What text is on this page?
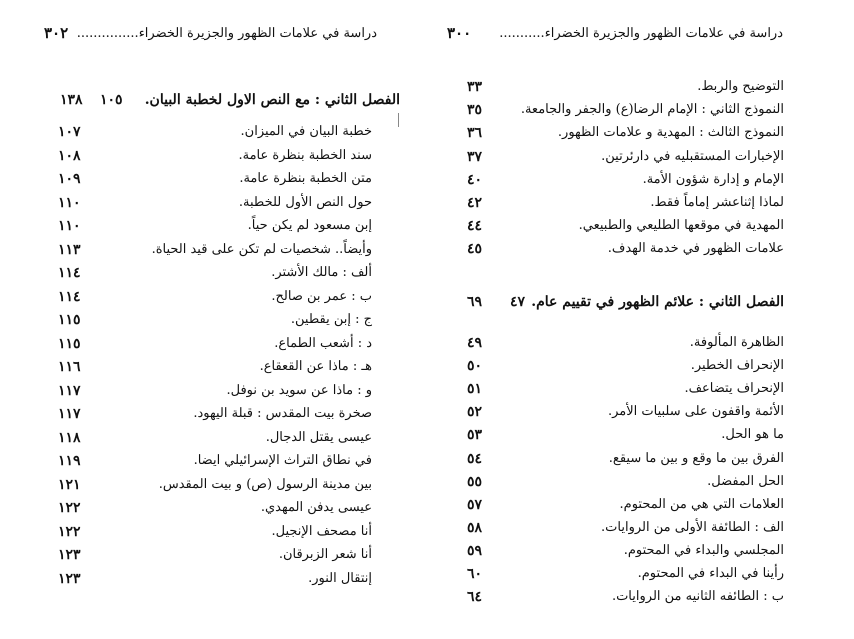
٣٠٢ دراسة في علامات الظهور والجزيرة الخضراء...............
الفصل الثاني : مع النص الاول لخطبة البيان.
١٠٥
١٣٨
خطبة البيان في الميزان.
١٠٧
سند الخطبة بنظرة عامة.
١٠٨
متن الخطبة بنظرة عامة.
١٠٩
حول النص الأول للخطبة.
١١٠
إبن مسعود لم يكن حياً.
١١٠
وأيضاً.. شخصيات لم تكن على قيد الحياة.
١١٣
ألف : مالك الأشتر.
١١٤
ب : عمر بن صالح.
١١٤
ج : إبن يقطين.
١١٥
د : أشعب الطماع.
١١٥
هـ : ماذا عن القعقاع.
١١٦
و : ماذا عن سويد بن نوفل.
١١٧
صخرة بيت المقدس : قبلة اليهود.
١١٧
عيسى يقتل الدجال.
١١٨
في نطاق التراث الإسرائيلي ايضا.
١١٩
بين مدينة الرسول (ص) و بيت المقدس.
١٢١
عيسى يدفن المهدي.
١٢٢
أنا مصحف الإنجيل.
١٢٢
أنا شعر الزبرقان.
١٢٣
إنتقال النور.
١٢٣
٣٠٠ دراسة في علامات الظهور والجزيرة الخضراء...........
التوضيح والربط.
٣٣
النموذج الثاني : الإمام الرضا(ع) والجفر والجامعة.
٣٥
النموذج الثالث : المهدية و علامات الظهور.
٣٦
الإخبارات المستقبليه في دارئرتين.
٣٧
الإمام و إدارة شؤون الأمة.
٤٠
لماذا إثناعشر إماماً فقط.
٤٢
المهدية في موقعها الطليعي والطبيعي.
٤٤
علامات الظهور في خدمة الهدف.
٤٥
الفصل الثاني : علائم الظهور في تقييم عام.
٤٧
٦٩
الظاهرة المألوفة.
٤٩
الإنحراف الخطير.
٥٠
الإنحراف يتضاعف.
٥١
الأئمة واقفون على سلبيات الأمر.
٥٢
ما هو الحل.
٥٣
الفرق بين ما وقع و بين ما سيقع.
٥٤
الحل المفضل.
٥٥
العلامات التي هي من المحتوم.
٥٧
الف : الطائفة الأولى من الروايات.
٥٨
المجلسي والبداء في المحتوم.
٥٩
رأينا في البداء في المحتوم.
٦٠
ب : الطائفه الثانيه من الروايات.
٦٤
